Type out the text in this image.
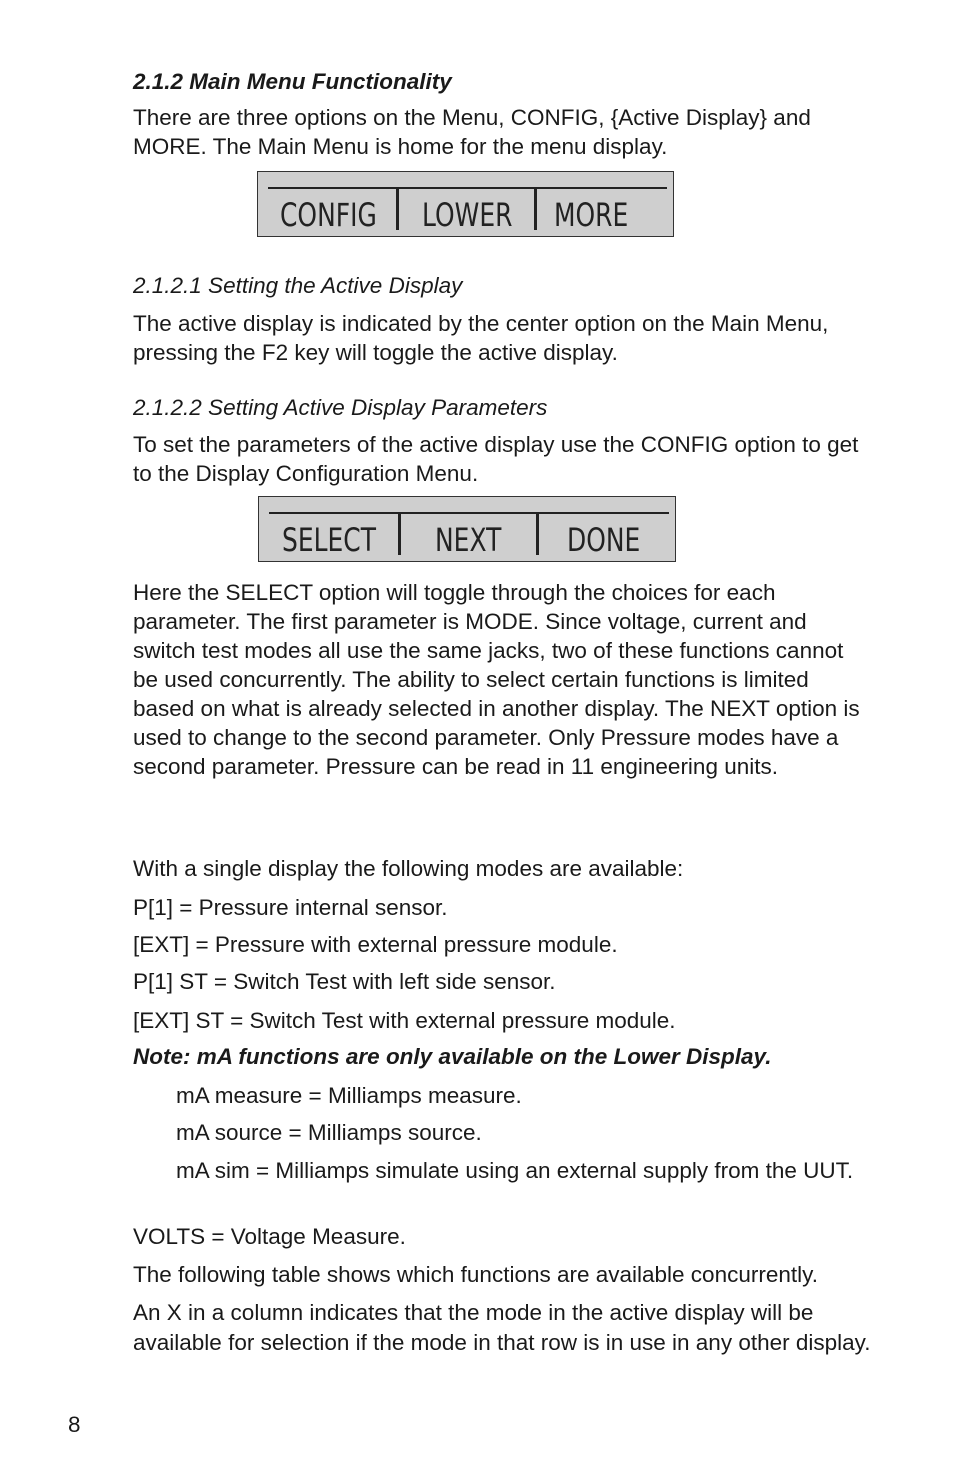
2.1.2 Main Menu Functionality

There are three options on the Menu, CONFIG, {Active Display} and MORE. The Main Menu is home for the menu display.

CONFIG LOWER MORE

2.1.2.1 Setting the Active Display

The active display is indicated by the center option on the Main Menu, pressing the F2 key will toggle the active display.

2.1.2.2 Setting Active Display Parameters

To set the parameters of the active display use the CONFIG option to get to the Display Configuration Menu.

SELECT NEXT DONE

Here the SELECT option will toggle through the choices for each parameter. The first parameter is MODE. Since voltage, current and switch test modes all use the same jacks, two of these functions cannot be used concurrently. The ability to select certain functions is limited based on what is already selected in another display. The NEXT option is used to change to the second parameter. Only Pressure modes have a second parameter. Pressure can be read in 11 engineering units.

With a single display the following modes are available:

P[1] = Pressure internal sensor.

[EXT] = Pressure with external pressure module.

P[1] ST = Switch Test with left side sensor.

[EXT] ST = Switch Test with external pressure module.

Note: mA functions are only available on the Lower Display.

mA measure = Milliamps measure.

mA source = Milliamps source.

mA sim = Milliamps simulate using an external supply from the UUT.

VOLTS = Voltage Measure.

The following table shows which functions are available concurrently.

An X in a column indicates that the mode in the active display will be available for selection if the mode in that row is in use in any other display.

8
